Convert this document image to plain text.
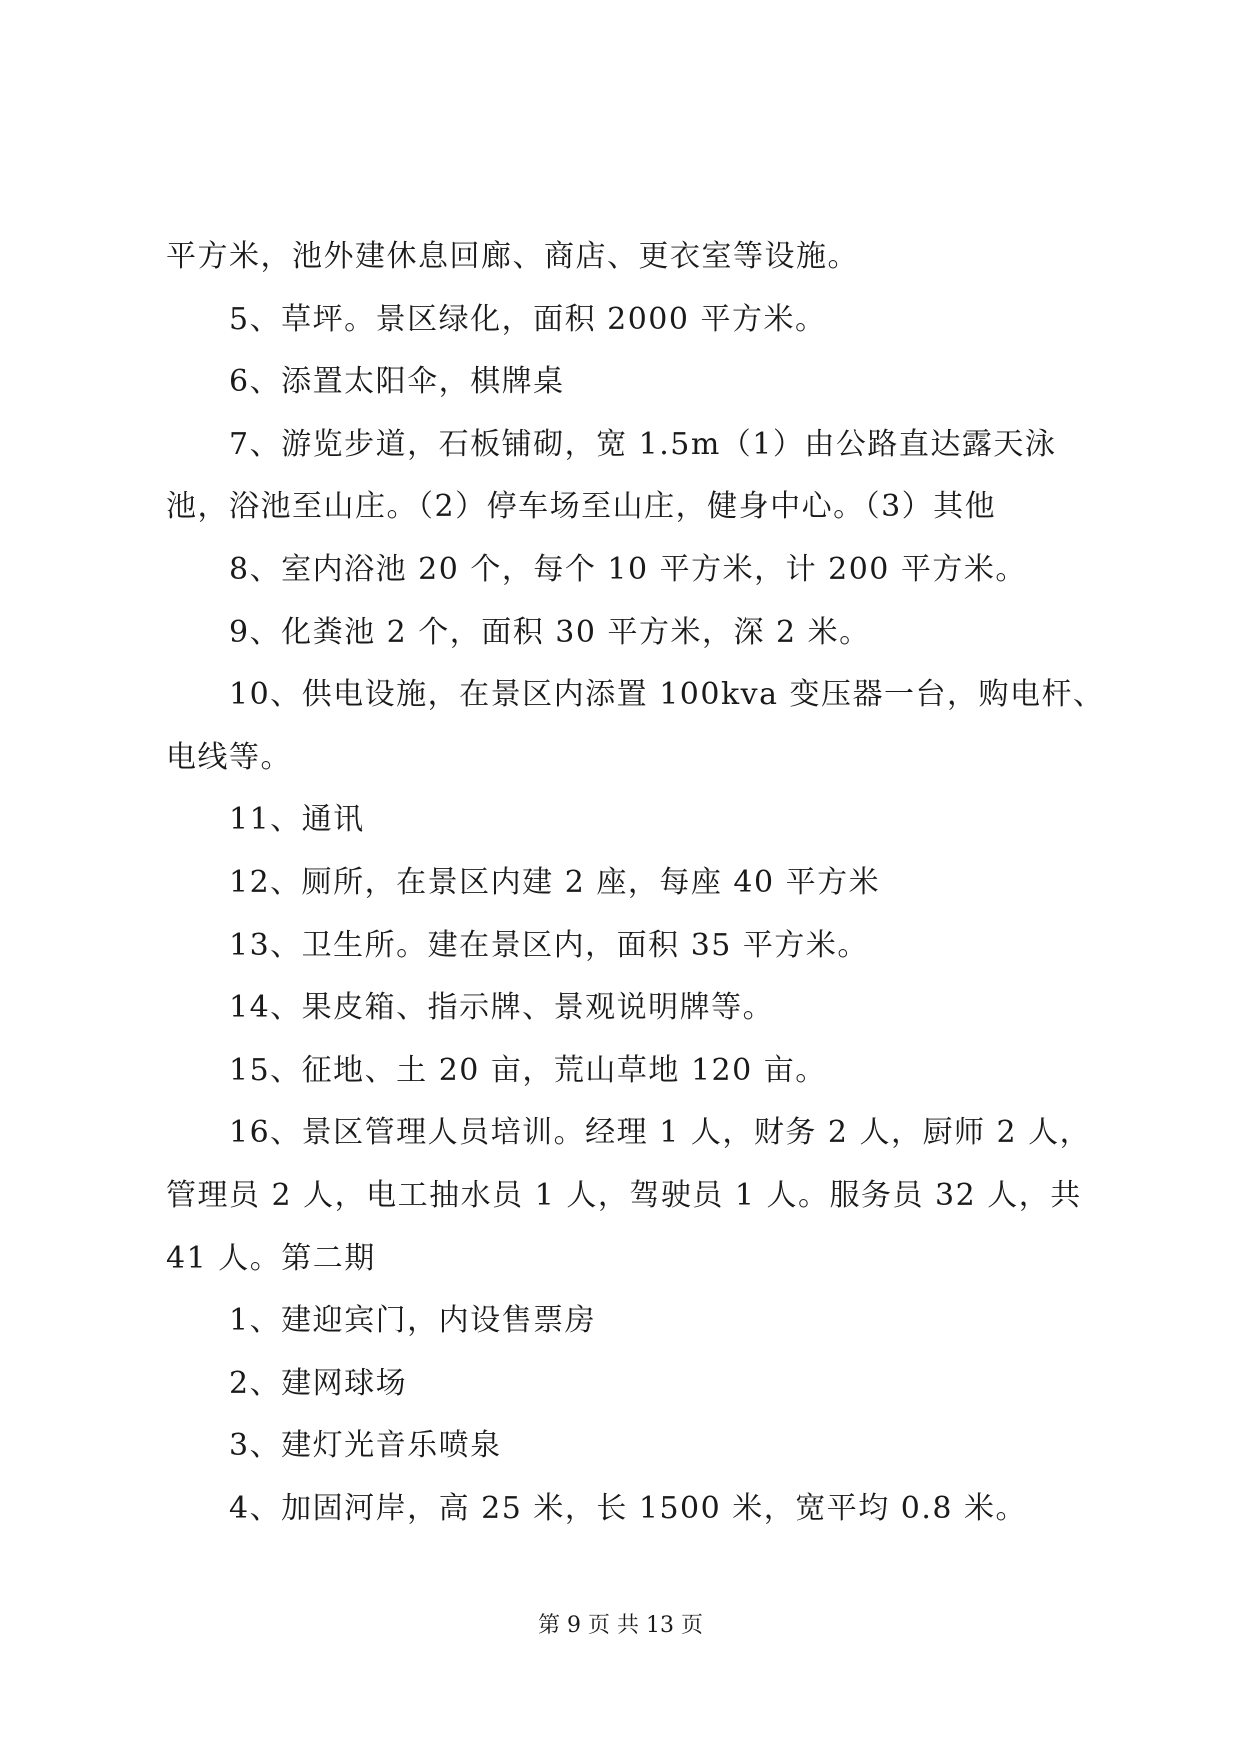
平方米，池外建休息回廊、商店、更衣室等设施。
5、草坪。景区绿化，面积 2000 平方米。
6、添置太阳伞，棋牌桌
7、游览步道，石板铺砌，宽 1.5m（1）由公路直达露天泳
池，浴池至山庄。（2）停车场至山庄，健身中心。（3）其他
8、室内浴池 20 个，每个 10 平方米，计 200 平方米。
9、化粪池 2 个，面积 30 平方米，深 2 米。
10、供电设施，在景区内添置 100kva 变压器一台，购电杆、
电线等。
11、通讯
12、厕所，在景区内建 2 座，每座 40 平方米
13、卫生所。建在景区内，面积 35 平方米。
14、果皮箱、指示牌、景观说明牌等。
15、征地、土 20 亩，荒山草地 120 亩。
16、景区管理人员培训。经理 1 人，财务 2 人，厨师 2 人，
管理员 2 人，电工抽水员 1 人，驾驶员 1 人。服务员 32 人，共
41 人。第二期
1、建迎宾门，内设售票房
2、建网球场
3、建灯光音乐喷泉
4、加固河岸，高 25 米，长 1500 米，宽平均 0.8 米。
第 9 页 共 13 页
